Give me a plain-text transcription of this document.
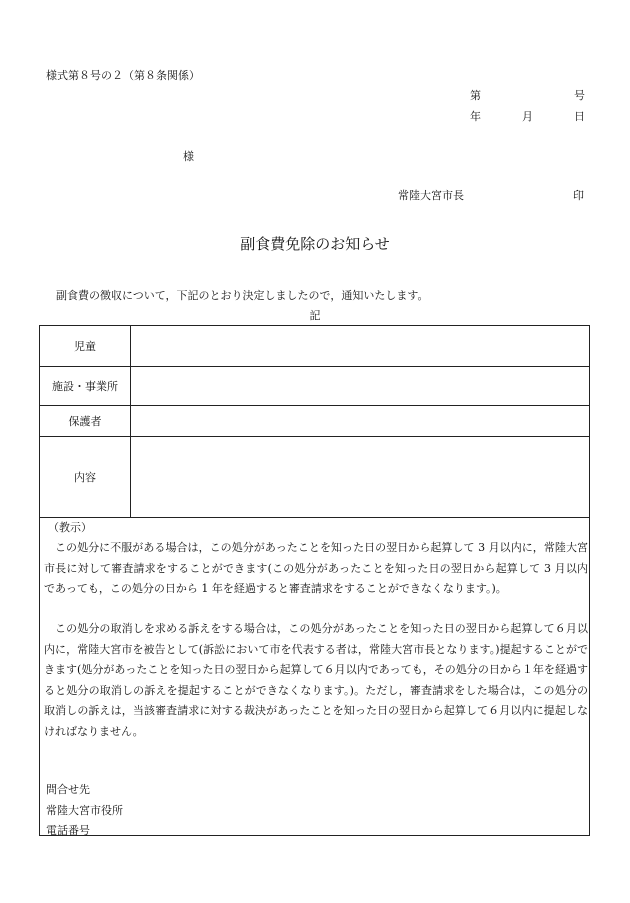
様式第８号の２（第８条関係）
第	号
年	月	日
様
常陸大宮市長	印
副食費免除のお知らせ
副食費の徴収について，下記のとおり決定しましたので，通知いたします。
記
児童	
施設・事業所	
保護者	
内容	
（教示）
この処分に不服がある場合は，この処分があったことを知った日の翌日から起算して 3 月以内に，常陸大宮市長に対して審査請求をすることができます(この処分があったことを知った日の翌日から起算して 3 月以内であっても，この処分の日から 1 年を経過すると審査請求をすることができなくなります。)。
この処分の取消しを求める訴えをする場合は，この処分があったことを知った日の翌日から起算して６月以内に，常陸大宮市を被告として(訴訟において市を代表する者は，常陸大宮市長となります。)提起することができます(処分があったことを知った日の翌日から起算して６月以内であっても，その処分の日から１年を経過すると処分の取消しの訴えを提起することができなくなります。)。ただし，審査請求をした場合は，この処分の取消しの訴えは，当該審査請求に対する裁決があったことを知った日の翌日から起算して６月以内に提起しなければなりません。
問合せ先
常陸大宮市役所
電話番号
